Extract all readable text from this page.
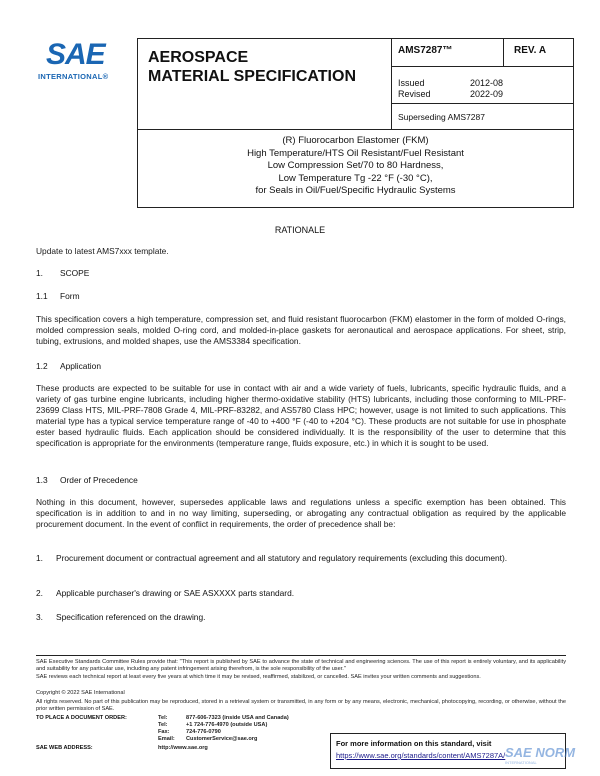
SAE
INTERNATIONAL®
AEROSPACE
MATERIAL SPECIFICATION
AMS7287™	REV. A
Issued	2012-08
Revised	2022-09
Superseding AMS7287
(R) Fluorocarbon Elastomer (FKM)
High Temperature/HTS Oil Resistant/Fuel Resistant
Low Compression Set/70 to 80 Hardness,
Low Temperature Tg -22 °F (-30 °C),
for Seals in Oil/Fuel/Specific Hydraulic Systems
RATIONALE
Update to latest AMS7xxx template.
1. SCOPE
1.1 Form
This specification covers a high temperature, compression set, and fluid resistant fluorocarbon (FKM) elastomer in the form of molded O-rings, molded compression seals, molded O-ring cord, and molded-in-place gaskets for aeronautical and aerospace applications. For sheet, strip, tubing, extrusions, and molded shapes, use the AMS3384 specification.
1.2 Application
These products are expected to be suitable for use in contact with air and a wide variety of fuels, lubricants, specific hydraulic fluids, and a variety of gas turbine engine lubricants, including higher thermo-oxidative stability (HTS) lubricants, including those conforming to MIL-PRF-23699 Class HTS, MIL-PRF-7808 Grade 4, MIL-PRF-83282, and AS5780 Class HPC; however, usage is not limited to such applications. This material type has a typical service temperature range of -40 to +400 °F (-40 to +204 °C). These products are not suitable for use in phosphate ester based hydraulic fluids. Each application should be considered individually. It is the responsibility of the user to determine that this specification is appropriate for the environments (temperature range, fluids exposure, etc.) in which it is sought to be used.
1.3 Order of Precedence
Nothing in this document, however, supersedes applicable laws and regulations unless a specific exemption has been obtained. This specification is in addition to and in no way limiting, superseding, or abrogating any contractual obligation as required by the applicable procurement document. In the event of conflict in requirements, the order of precedence shall be:
1. Procurement document or contractual agreement and all statutory and regulatory requirements (excluding this document).
2. Applicable purchaser's drawing or SAE ASXXXX parts standard.
3. Specification referenced on the drawing.
SAE Executive Standards Committee Rules provide that: "This report is published by SAE to advance the state of technical and engineering sciences. The use of this report is entirely voluntary, and its applicability and suitability for any particular use, including any patent infringement arising therefrom, is the sole responsibility of the user."
SAE reviews each technical report at least every five years at which time it may be revised, reaffirmed, stabilized, or cancelled. SAE invites your written comments and suggestions.
Copyright © 2022 SAE International
All rights reserved. No part of this publication may be reproduced, stored in a retrieval system or transmitted, in any form or by any means, electronic, mechanical, photocopying, recording, or otherwise, without the prior written permission of SAE.
TO PLACE A DOCUMENT ORDER:	Tel:	877-606-7323 (inside USA and Canada)
Tel:	+1 724-776-4970 (outside USA)
Fax:	724-776-0790
Email: CustomerService@sae.org
SAE WEB ADDRESS:	http://www.sae.org	For more information on this standard, visit
https://www.sae.org/standards/content/AMS7287A/ SAE NORM
INTERNATIONAL
